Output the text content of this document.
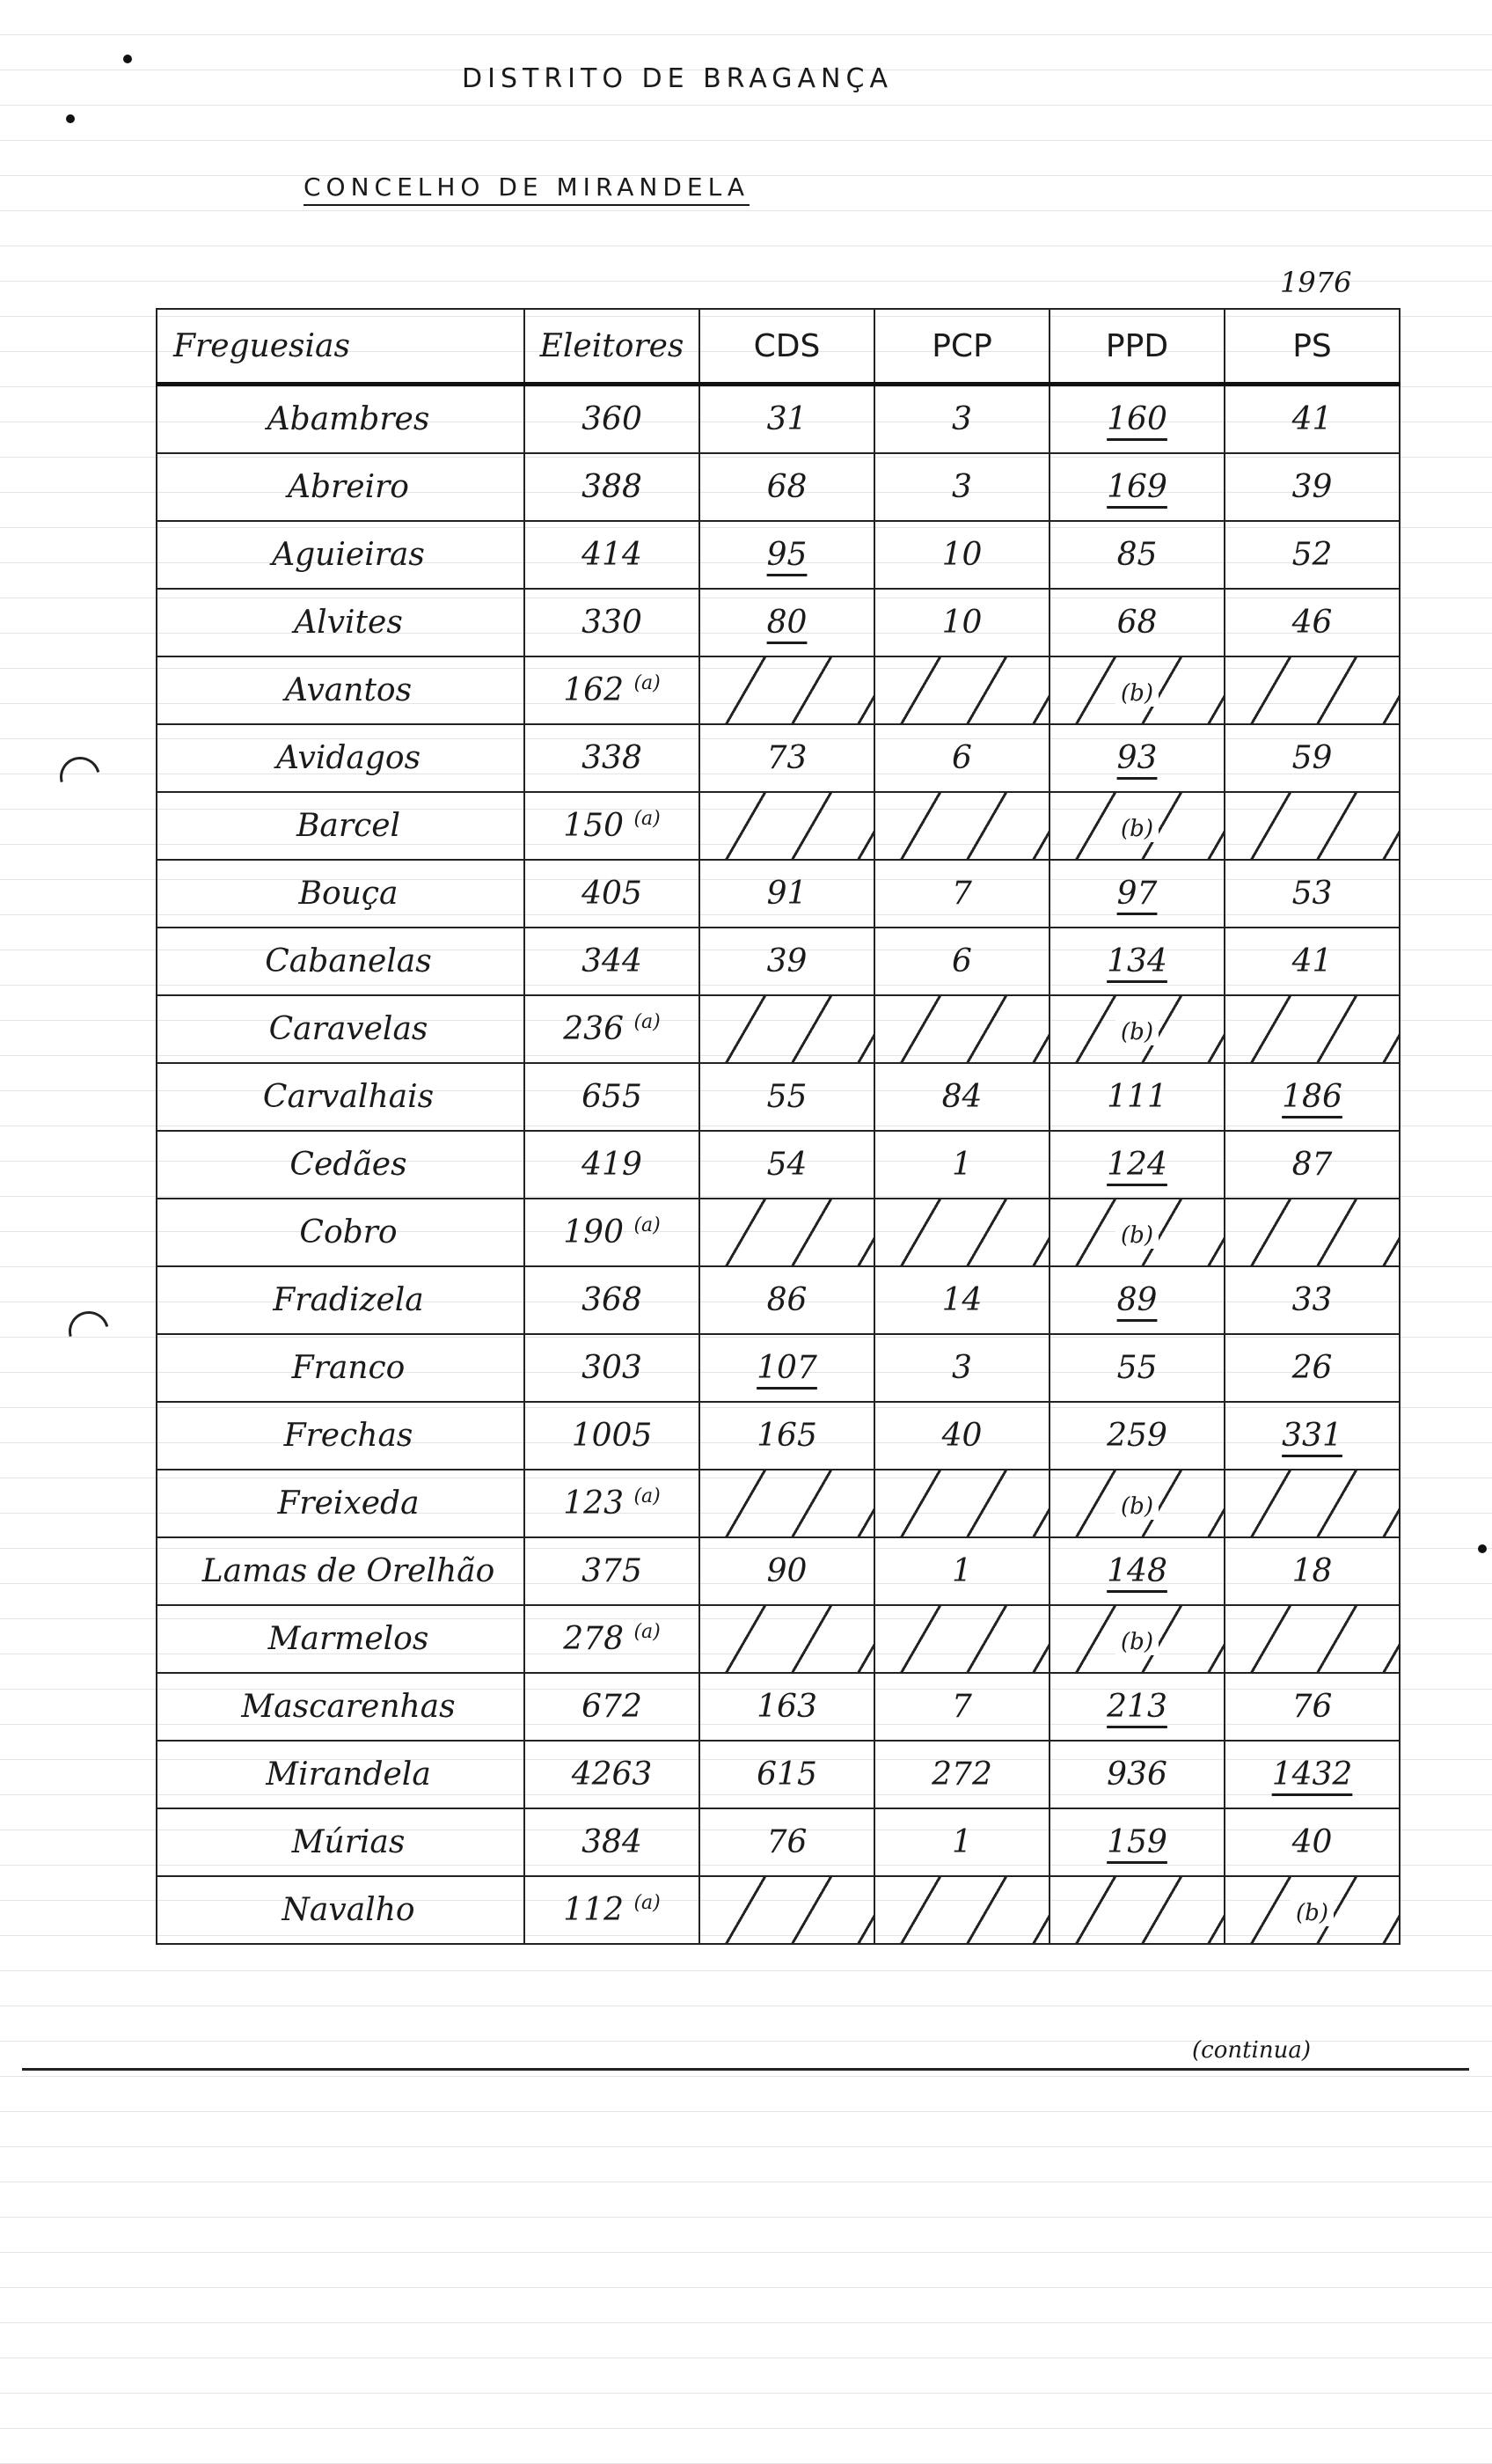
DISTRITO DE BRAGANÇA
CONCELHO DE MIRANDELA
1976
Freguesias	Eleitores	CDS	PCP	PPD	PS
Abambres	360	31	3	160	41
Abreiro	388	68	3	169	39
Aguieiras	414	95	10	85	52
Alvites	330	80	10	68	46
Avantos	162 $^{(a)}$			(b)	
Avidagos	338	73	6	93	59
Barcel	150 $^{(a)}$			(b)	
Bouça	405	91	7	97	53
Cabanelas	344	39	6	134	41
Caravelas	236 $^{(a)}$			(b)	
Carvalhais	655	55	84	111	186
Cedães	419	54	1	124	87
Cobro	190 $^{(a)}$			(b)	
Fradizela	368	86	14	89	33
Franco	303	107	3	55	26
Frechas	1005	165	40	259	331
Freixeda	123 $^{(a)}$			(b)	
Lamas de Orelhão	375	90	1	148	18
Marmelos	278 $^{(a)}$			(b)	
Mascarenhas	672	163	7	213	76
Mirandela	4263	615	272	936	1432
Múrias	384	76	1	159	40
Navalho	112 $^{(a)}$				(b)
(continua)
